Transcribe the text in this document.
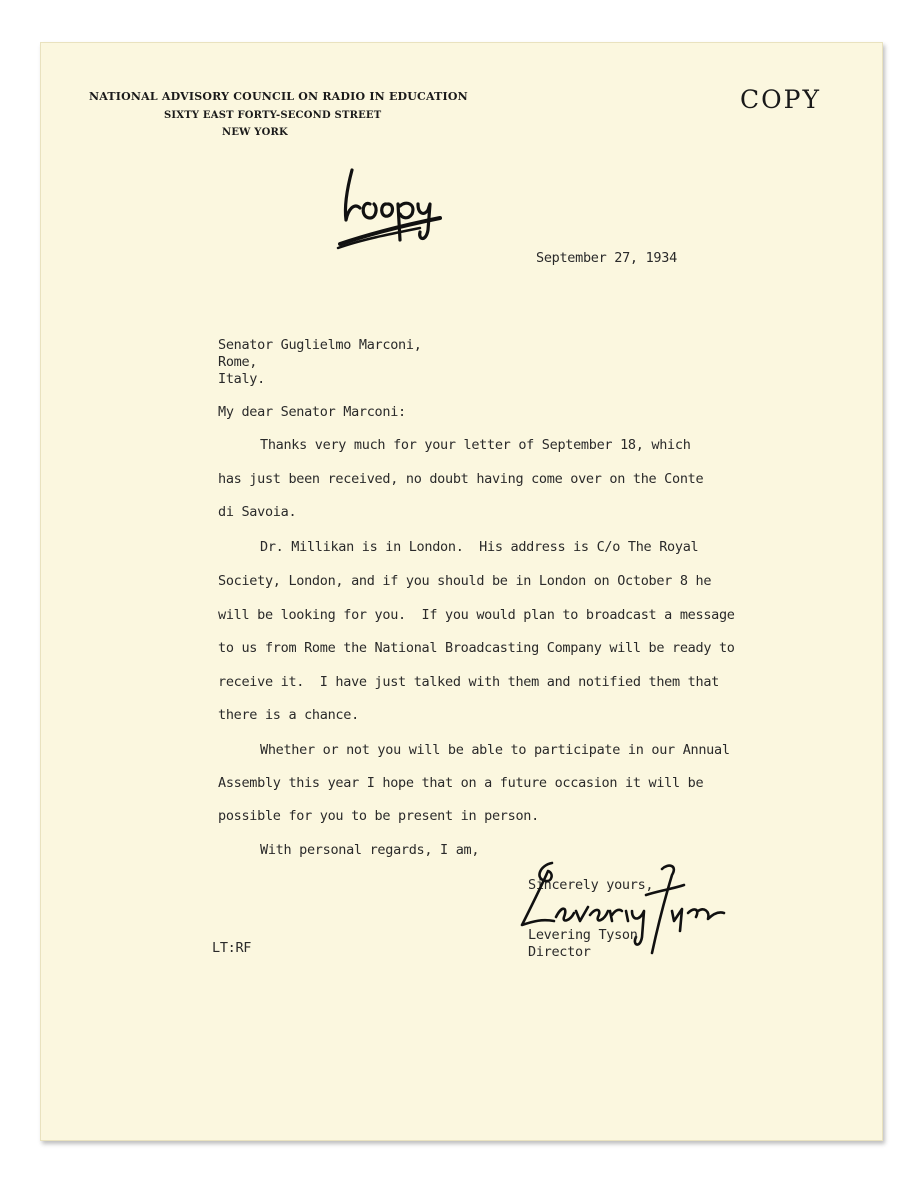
NATIONAL ADVISORY COUNCIL ON RADIO IN EDUCATION
SIXTY EAST FORTY-SECOND STREET
NEW YORK
COPY
September 27, 1934
Senator Guglielmo Marconi,
Rome,
Italy.
My dear Senator Marconi:
Thanks very much for your letter of September 18, which
has just been received, no doubt having come over on the Conte
di Savoia.
Dr. Millikan is in London.  His address is C/o The Royal
Society, London, and if you should be in London on October 8 he
will be looking for you.  If you would plan to broadcast a message
to us from Rome the National Broadcasting Company will be ready to
receive it.  I have just talked with them and notified them that
there is a chance.
Whether or not you will be able to participate in our Annual
Assembly this year I hope that on a future occasion it will be
possible for you to be present in person.
With personal regards, I am,
Sincerely yours,
Levering Tyson
Director
LT:RF
